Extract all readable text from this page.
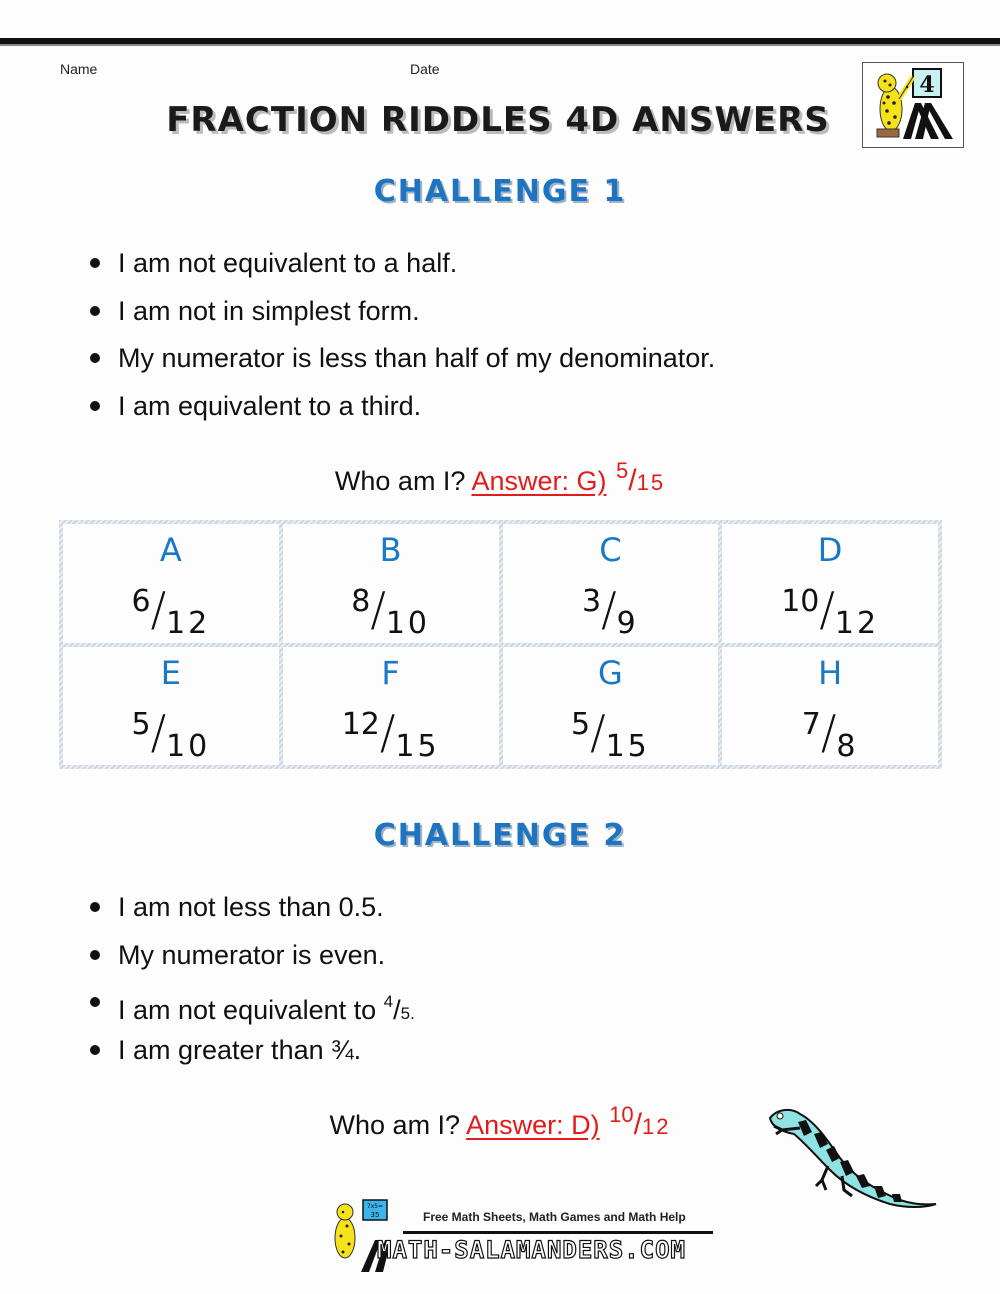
Name	Date
FRACTION RIDDLES 4D ANSWERS
4
CHALLENGE 1
I am not equivalent to a half.
I am not in simplest form.
My numerator is less than half of my denominator.
I am equivalent to a third.
Who am I? Answer: G) $^5$/15
A
6/12
B
8/10
C
3/9
D
10/12
E
5/10
F
12/15
G
5/15
H
7/8
CHALLENGE 2
I am not less than 0.5.
My numerator is even.
I am not equivalent to $^4$/5.
I am greater than ¾.
Who am I? Answer: D) $^{10}$/12
7x5=
35	Free Math Sheets, Math Games and Math Help
MATH-SALAMANDERS.COM
